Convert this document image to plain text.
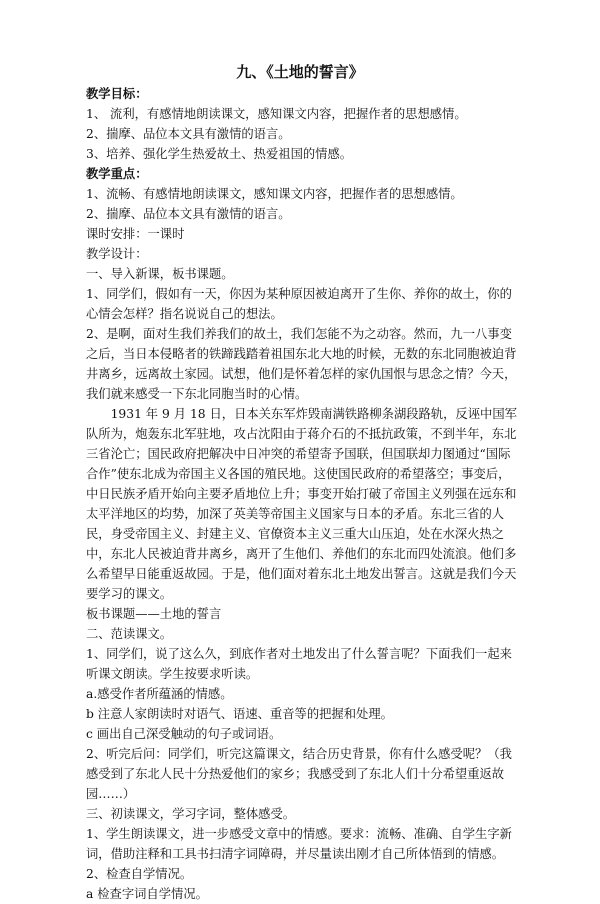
九、《土地的誓言》

教学目标：

1、 流利，有感情地朗读课文，感知课文内容，把握作者的思想感情。

2、揣摩、品位本文具有激情的语言。

3、培养、强化学生热爱故土、热爱祖国的情感。

教学重点：

1、流畅、有感情地朗读课文，感知课文内容，把握作者的思想感情。

2、揣摩、品位本文具有激情的语言。

课时安排：一课时

教学设计：

一、导入新课，板书课题。

1、同学们，假如有一天，你因为某种原因被迫离开了生你、养你的故土，你的心情会怎样？指名说说自己的想法。

2、是啊，面对生我们养我们的故土，我们怎能不为之动容。然而，九一八事变之后，当日本侵略者的铁蹄践踏着祖国东北大地的时候，无数的东北同胞被迫背井离乡，远离故土家园。试想，他们是怀着怎样的家仇国恨与思念之情？今天，我们就来感受一下东北同胞当时的心情。

1931 年 9 月 18 日，日本关东军炸毁南满铁路柳条湖段路轨，反诬中国军队所为，炮轰东北军驻地，攻占沈阳由于蒋介石的不抵抗政策，不到半年，东北三省沦亡；国民政府把解决中日冲突的希望寄予国联，但国联却力图通过“国际合作”使东北成为帝国主义各国的殖民地。这使国民政府的希望落空；事变后，中日民族矛盾开始向主要矛盾地位上升；事变开始打破了帝国主义列强在远东和太平洋地区的均势，加深了英美等帝国主义国家与日本的矛盾。东北三省的人民，身受帝国主义、封建主义、官僚资本主义三重大山压迫，处在水深火热之中，东北人民被迫背井离乡，离开了生他们、养他们的东北而四处流浪。他们多么希望早日能重返故园。于是，他们面对着东北土地发出誓言。这就是我们今天要学习的课文。

板书课题——土地的誓言

二、范读课文。

1、同学们，说了这么久，到底作者对土地发出了什么誓言呢？下面我们一起来听课文朗读。学生按要求听读。

a.感受作者所蕴涵的情感。

b 注意人家朗读时对语气、语速、重音等的把握和处理。

c 画出自己深受触动的句子或词语。

2、听完后问：同学们，听完这篇课文，结合历史背景，你有什么感受呢？（我感受到了东北人民十分热爱他们的家乡；我感受到了东北人们十分希望重返故园……）

三、初读课文，学习字词，整体感受。

1、学生朗读课文，进一步感受文章中的情感。要求：流畅、准确、自学生字新词，借助注释和工具书扫清字词障碍，并尽量读出刚才自己所体悟到的情感。

2、检查自学情况。

a 检查字词自学情况。
